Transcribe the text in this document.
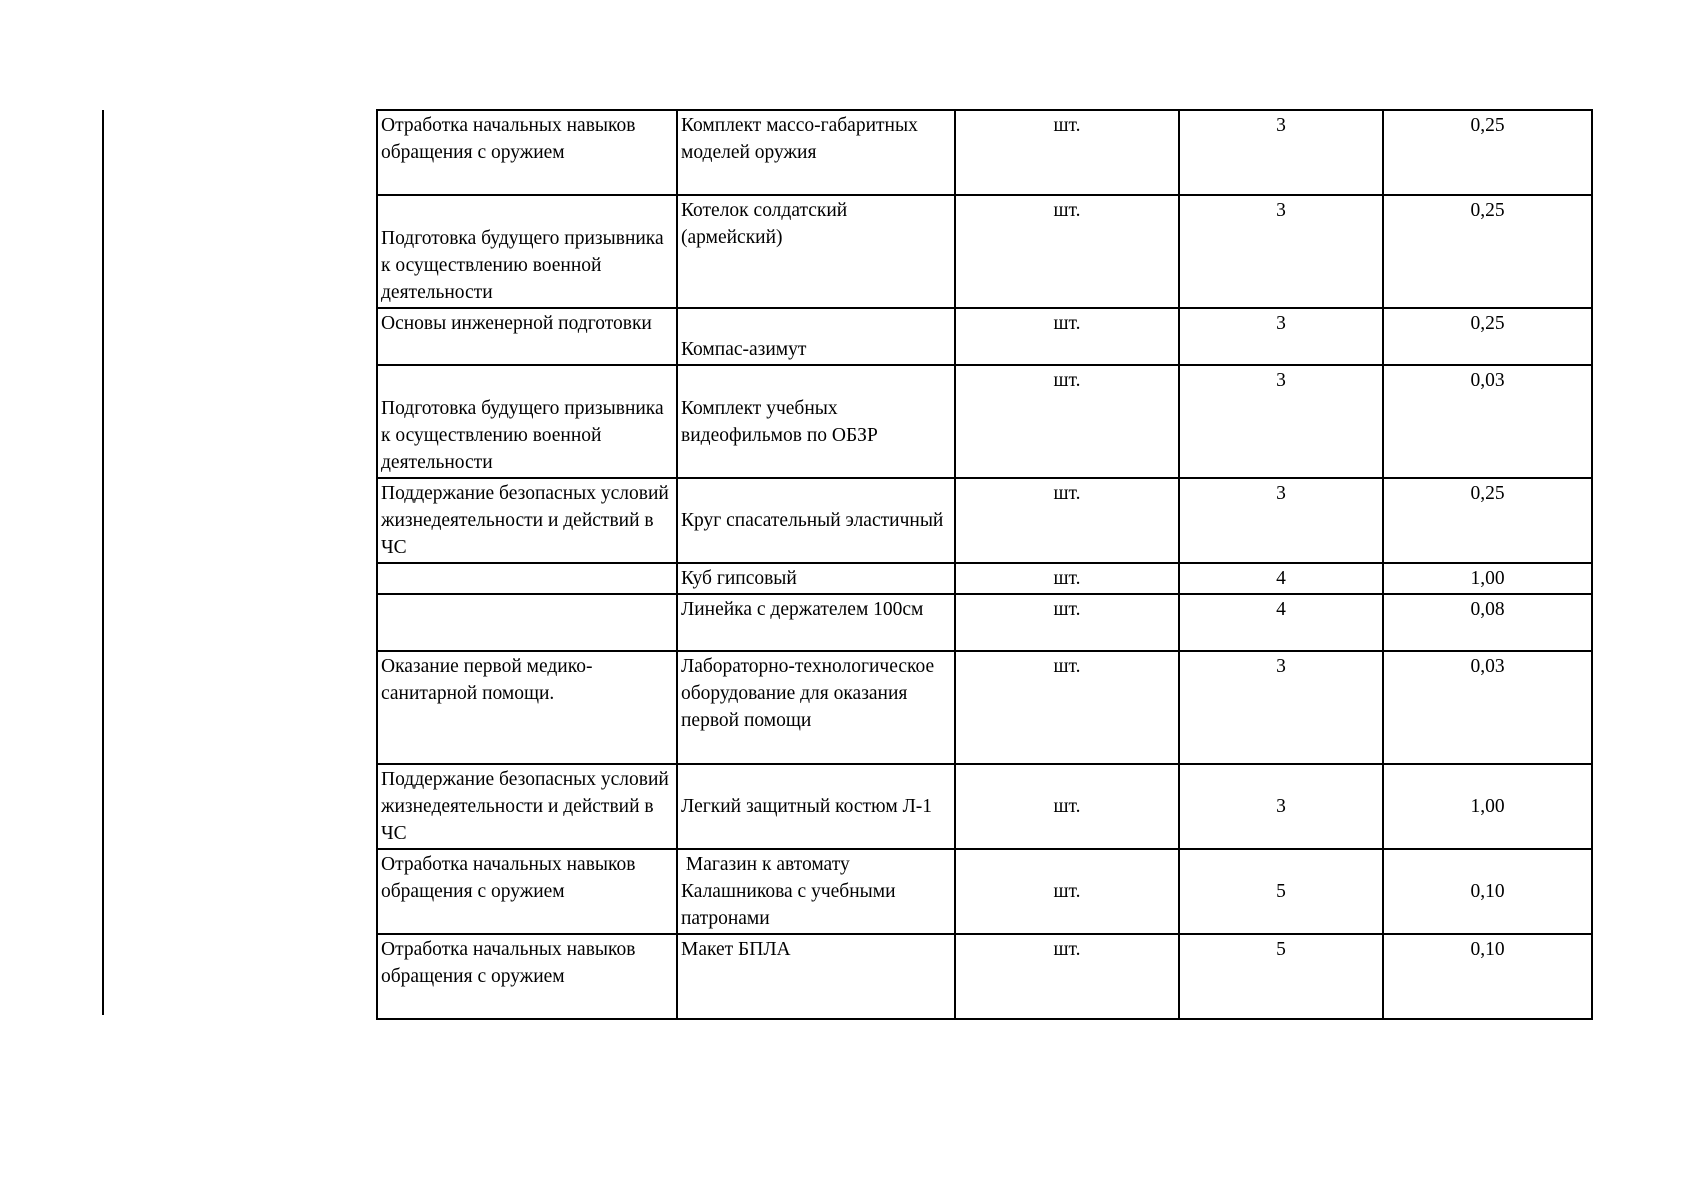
Отработка начальных навыков обращения с оружием	Комплект массо-габаритных моделей оружия	шт.	3	0,25
Подготовка будущего призывника к осуществлению военной деятельности	Котелок солдатский (армейский)	шт.	3	0,25
Основы инженерной подготовки	Компас-азимут	шт.	3	0,25
Подготовка будущего призывника к осуществлению военной деятельности	Комплект учебных видеофильмов по ОБЗР	шт.	3	0,03
Поддержание безопасных условий жизнедеятельности и действий в ЧС	Круг спасательный эластичный	шт.	3	0,25
	Куб гипсовый	шт.	4	1,00
	Линейка с держателем 100см	шт.	4	0,08
Оказание первой медико-санитарной помощи.	Лабораторно-технологическое оборудование для оказания первой помощи	шт.	3	0,03
Поддержание безопасных условий жизнедеятельности и действий в ЧС	Легкий защитный костюм Л-1	шт.	3	1,00
Отработка начальных навыков обращения с оружием	Магазин к автомату Калашникова с учебными патронами	шт.	5	0,10
Отработка начальных навыков обращения с оружием	Макет БПЛА	шт.	5	0,10
